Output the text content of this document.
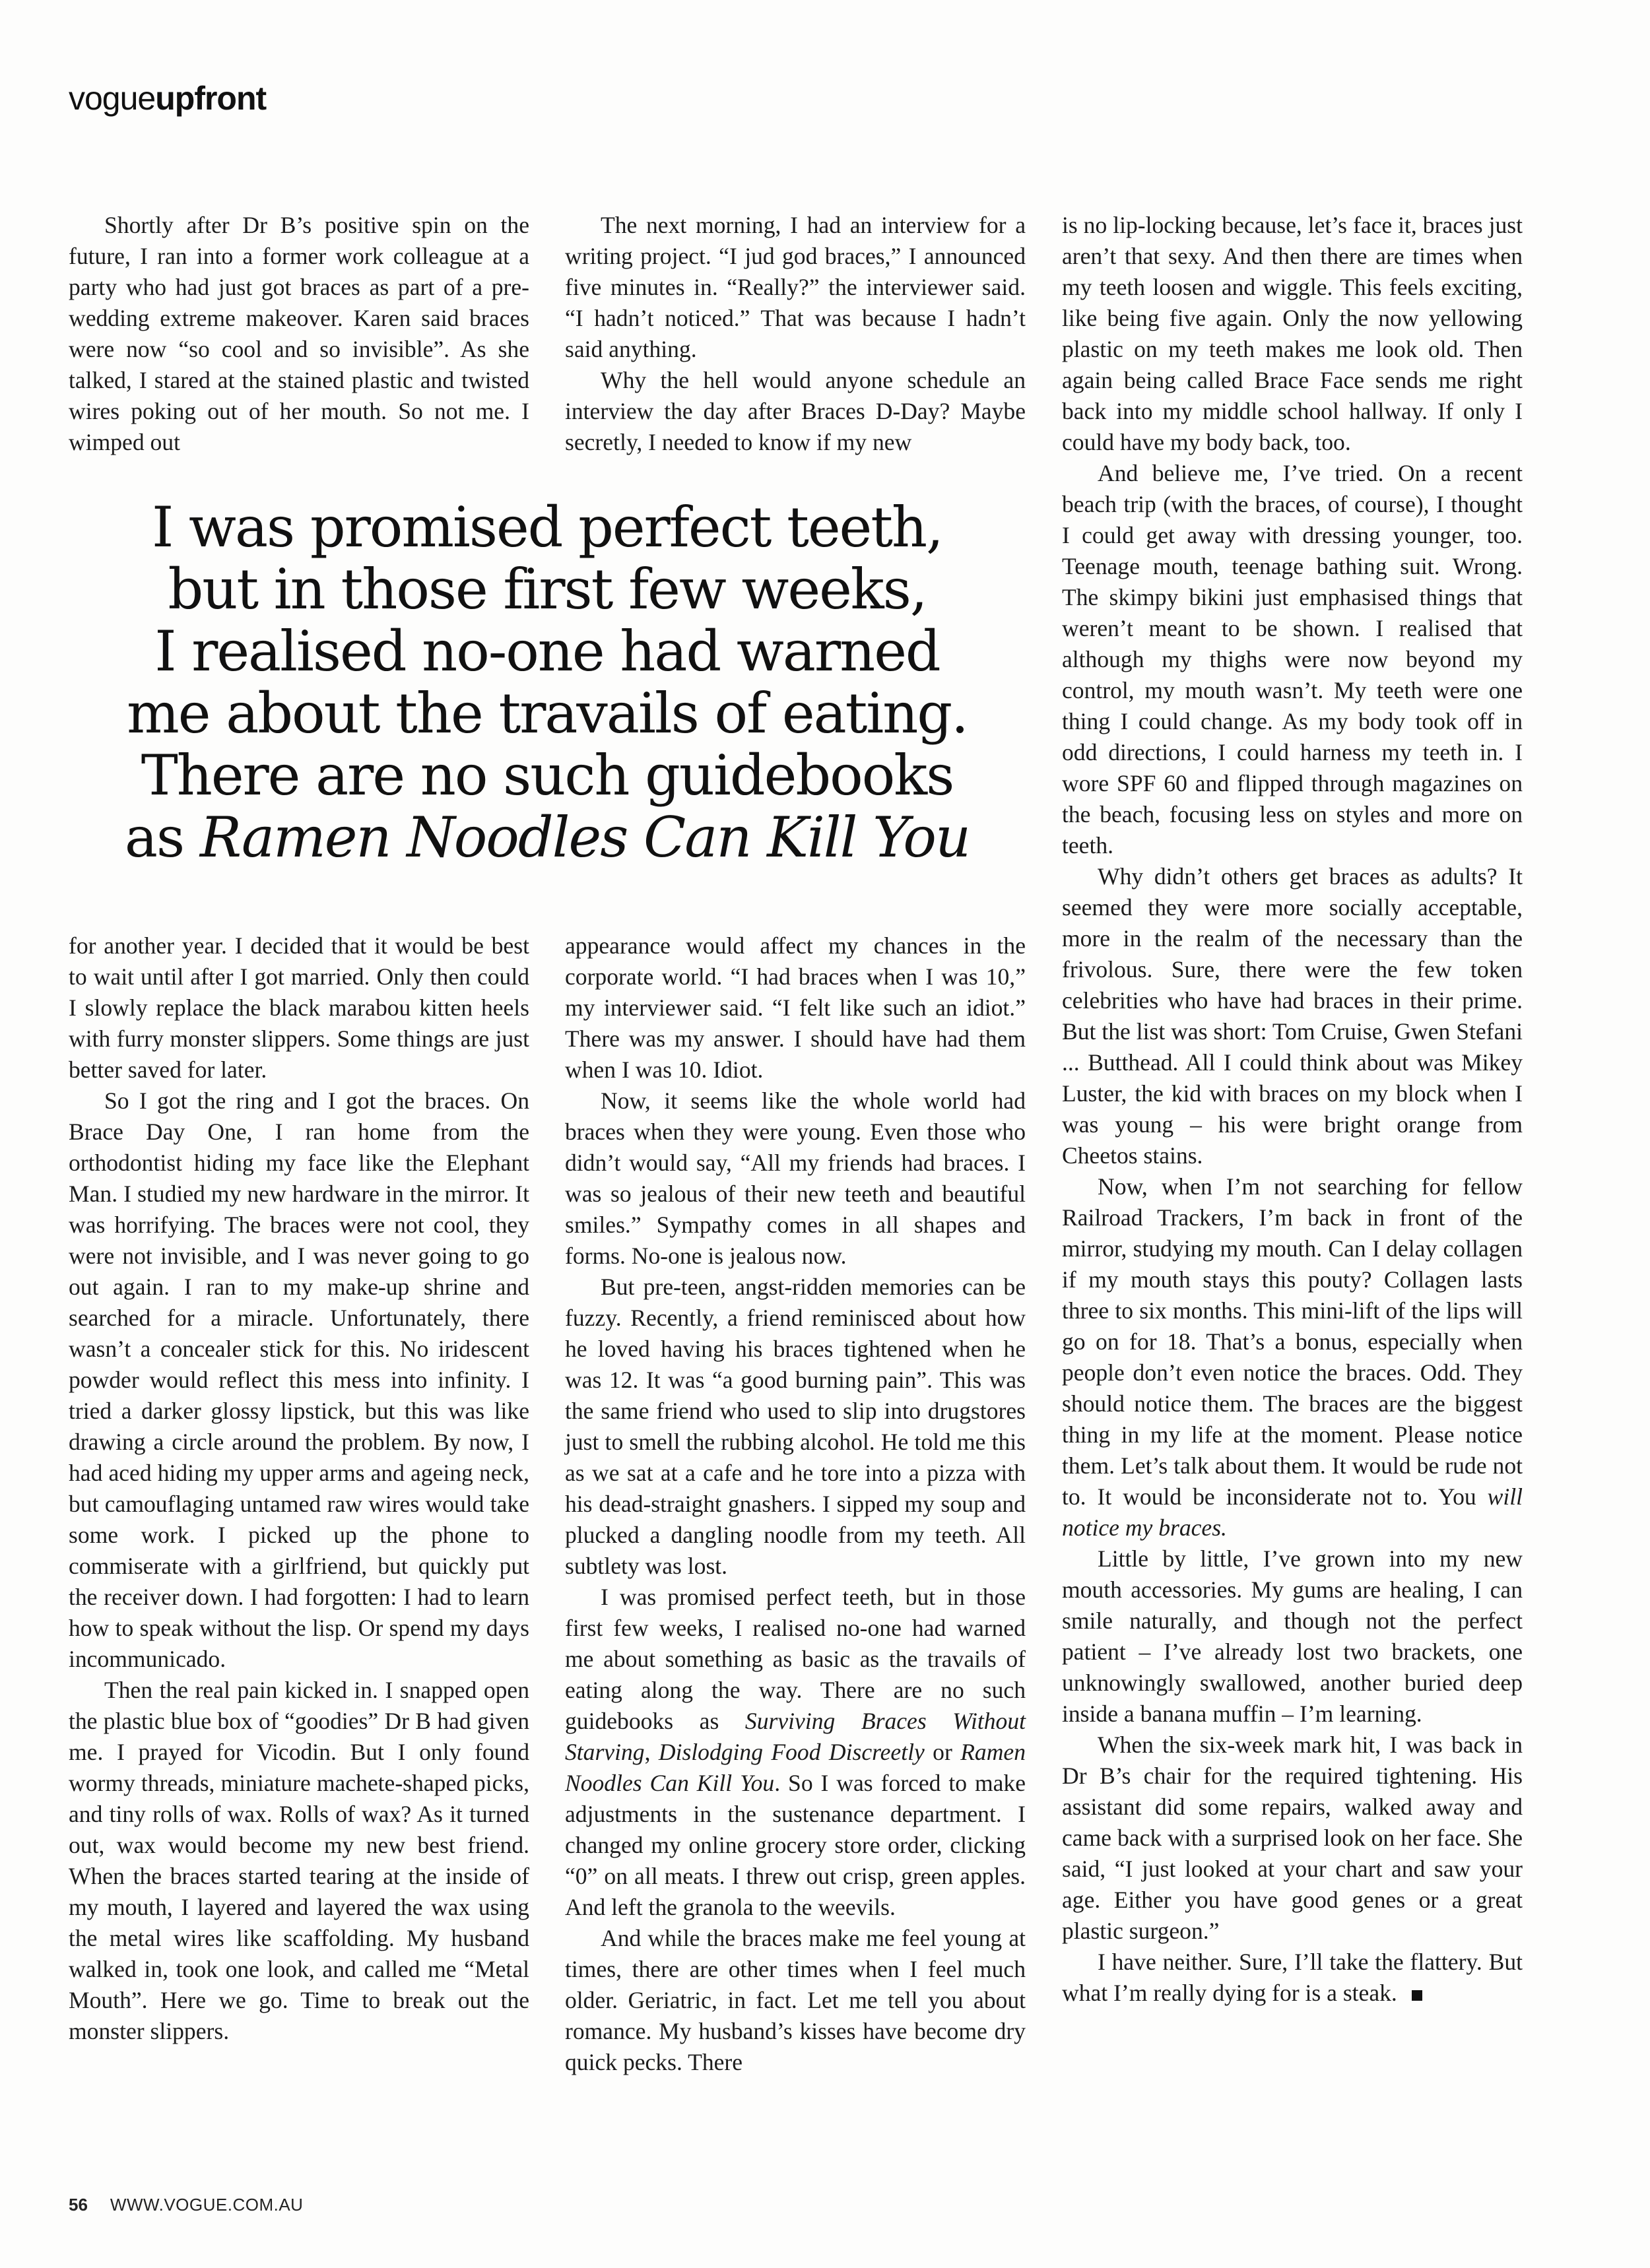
vogueupfront

Shortly after Dr B’s positive spin on the future, I ran into a former work colleague at a party who had just got braces as part of a pre-wedding extreme makeover. Karen said braces were now “so cool and so invisible”. As she talked, I stared at the stained plastic and twisted wires poking out of her mouth. So not me. I wimped out

The next morning, I had an interview for a writing project. “I jud god braces,” I announced five minutes in. “Really?” the interviewer said. “I hadn’t noticed.” That was because I hadn’t said anything.

Why the hell would anyone schedule an interview the day after Braces D-Day? Maybe secretly, I needed to know if my new

I was promised perfect teeth,
but in those first few weeks,
I realised no-one had warned
me about the travails of eating.
There are no such guidebooks
as Ramen Noodles Can Kill You

for another year. I decided that it would be best to wait until after I got married. Only then could I slowly replace the black marabou kitten heels with furry monster slippers. Some things are just better saved for later.

So I got the ring and I got the braces. On Brace Day One, I ran home from the orthodontist hiding my face like the Elephant Man. I studied my new hardware in the mirror. It was horrifying. The braces were not cool, they were not invisible, and I was never going to go out again. I ran to my make-up shrine and searched for a miracle. Unfortunately, there wasn’t a concealer stick for this. No iridescent powder would reflect this mess into infinity. I tried a darker glossy lipstick, but this was like drawing a circle around the problem. By now, I had aced hiding my upper arms and ageing neck, but camouflaging untamed raw wires would take some work. I picked up the phone to commiserate with a girlfriend, but quickly put the receiver down. I had forgotten: I had to learn how to speak without the lisp. Or spend my days incommunicado.

Then the real pain kicked in. I snapped open the plastic blue box of “goodies” Dr B had given me. I prayed for Vicodin. But I only found wormy threads, miniature machete-shaped picks, and tiny rolls of wax. Rolls of wax? As it turned out, wax would become my new best friend. When the braces started tearing at the inside of my mouth, I layered and layered the wax using the metal wires like scaffolding. My husband walked in, took one look, and called me “Metal Mouth”. Here we go. Time to break out the monster slippers.

appearance would affect my chances in the corporate world. “I had braces when I was 10,” my interviewer said. “I felt like such an idiot.” There was my answer. I should have had them when I was 10. Idiot.

Now, it seems like the whole world had braces when they were young. Even those who didn’t would say, “All my friends had braces. I was so jealous of their new teeth and beautiful smiles.” Sympathy comes in all shapes and forms. No-one is jealous now.

But pre-teen, angst-ridden memories can be fuzzy. Recently, a friend reminisced about how he loved having his braces tightened when he was 12. It was “a good burning pain”. This was the same friend who used to slip into drugstores just to smell the rubbing alcohol. He told me this as we sat at a cafe and he tore into a pizza with his dead-straight gnashers. I sipped my soup and plucked a dangling noodle from my teeth. All subtlety was lost.

I was promised perfect teeth, but in those first few weeks, I realised no-one had warned me about something as basic as the travails of eating along the way. There are no such guidebooks as Surviving Braces Without Starving, Dislodging Food Discreetly or Ramen Noodles Can Kill You. So I was forced to make adjustments in the sustenance department. I changed my online grocery store order, clicking “0” on all meats. I threw out crisp, green apples. And left the granola to the weevils.

And while the braces make me feel young at times, there are other times when I feel much older. Geriatric, in fact. Let me tell you about romance. My husband’s kisses have become dry quick pecks. There

is no lip-locking because, let’s face it, braces just aren’t that sexy. And then there are times when my teeth loosen and wiggle. This feels exciting, like being five again. Only the now yellowing plastic on my teeth makes me look old. Then again being called Brace Face sends me right back into my middle school hallway. If only I could have my body back, too.

And believe me, I’ve tried. On a recent beach trip (with the braces, of course), I thought I could get away with dressing younger, too. Teenage mouth, teenage bathing suit. Wrong. The skimpy bikini just emphasised things that weren’t meant to be shown. I realised that although my thighs were now beyond my control, my mouth wasn’t. My teeth were one thing I could change. As my body took off in odd directions, I could harness my teeth in. I wore SPF 60 and flipped through magazines on the beach, focusing less on styles and more on teeth.

Why didn’t others get braces as adults? It seemed they were more socially acceptable, more in the realm of the necessary than the frivolous. Sure, there were the few token celebrities who have had braces in their prime. But the list was short: Tom Cruise, Gwen Stefani ... Butthead. All I could think about was Mikey Luster, the kid with braces on my block when I was young – his were bright orange from Cheetos stains.

Now, when I’m not searching for fellow Railroad Trackers, I’m back in front of the mirror, studying my mouth. Can I delay collagen if my mouth stays this pouty? Collagen lasts three to six months. This mini-lift of the lips will go on for 18. That’s a bonus, especially when people don’t even notice the braces. Odd. They should notice them. The braces are the biggest thing in my life at the moment. Please notice them. Let’s talk about them. It would be rude not to. It would be inconsiderate not to. You will notice my braces.

Little by little, I’ve grown into my new mouth accessories. My gums are healing, I can smile naturally, and though not the perfect patient – I’ve already lost two brackets, one unknowingly swallowed, another buried deep inside a banana muffin – I’m learning.

When the six-week mark hit, I was back in Dr B’s chair for the required tightening. His assistant did some repairs, walked away and came back with a surprised look on her face. She said, “I just looked at your chart and saw your age. Either you have good genes or a great plastic surgeon.”

I have neither. Sure, I’ll take the flattery. But what I’m really dying for is a steak.

56 WWW.VOGUE.COM.AU
